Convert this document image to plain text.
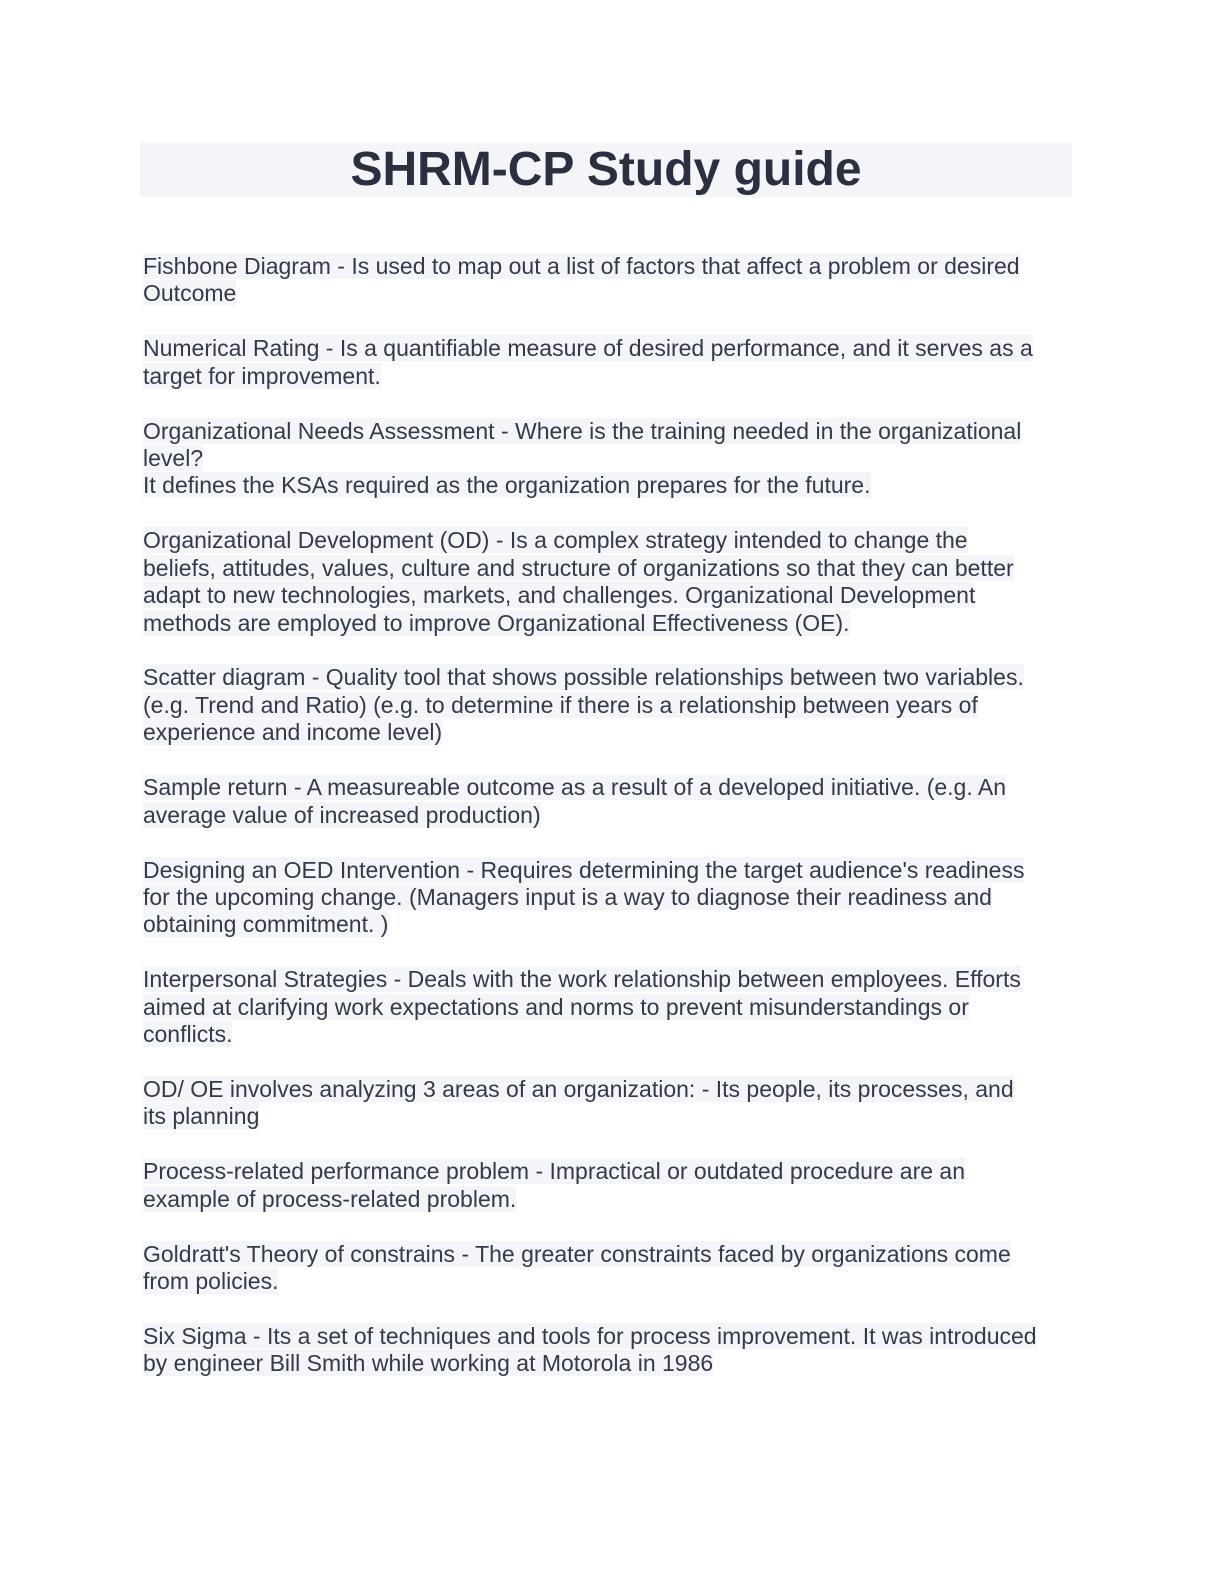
SHRM-CP Study guide

Fishbone Diagram - Is used to map out a list of factors that affect a problem or desired
Outcome

Numerical Rating - Is a quantifiable measure of desired performance, and it serves as a
target for improvement.

Organizational Needs Assessment - Where is the training needed in the organizational
level?
It defines the KSAs required as the organization prepares for the future.

Organizational Development (OD) - Is a complex strategy intended to change the
beliefs, attitudes, values, culture and structure of organizations so that they can better
adapt to new technologies, markets, and challenges. Organizational Development
methods are employed to improve Organizational Effectiveness (OE).

Scatter diagram - Quality tool that shows possible relationships between two variables.
(e.g. Trend and Ratio) (e.g. to determine if there is a relationship between years of
experience and income level)

Sample return - A measureable outcome as a result of a developed initiative. (e.g. An
average value of increased production)

Designing an OED Intervention - Requires determining the target audience's readiness
for the upcoming change. (Managers input is a way to diagnose their readiness and
obtaining commitment. )

Interpersonal Strategies - Deals with the work relationship between employees. Efforts
aimed at clarifying work expectations and norms to prevent misunderstandings or
conflicts.

OD/ OE involves analyzing 3 areas of an organization: - Its people, its processes, and
its planning

Process-related performance problem - Impractical or outdated procedure are an
example of process-related problem.

Goldratt's Theory of constrains - The greater constraints faced by organizations come
from policies.

Six Sigma - Its a set of techniques and tools for process improvement. It was introduced
by engineer Bill Smith while working at Motorola in 1986
